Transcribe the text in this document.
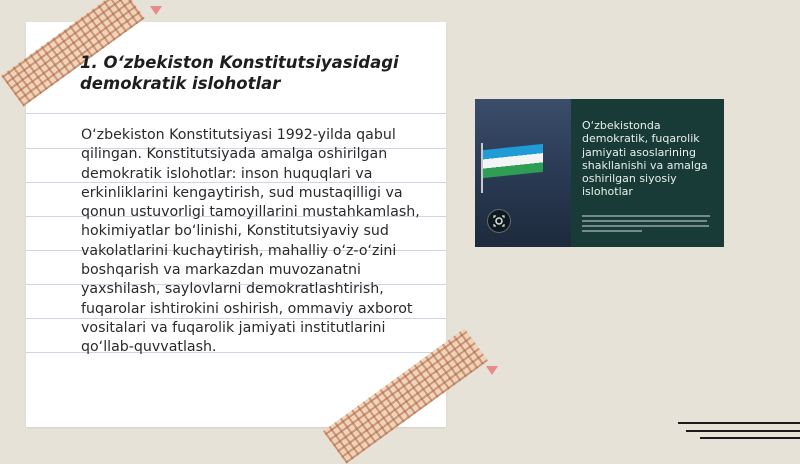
1. O‘zbekiston Konstitutsiyasidagi
demokratik islohotlar

O‘zbekiston Konstitutsiyasi 1992-yilda qabul qilingan. Konstitutsiyada amalga oshirilgan demokratik islohotlar: inson huquqlari va erkinliklarini kengaytirish, sud mustaqilligi va qonun ustuvorligi tamoyillarini mustahkamlash, hokimiyatlar bo‘linishi, Konstitutsiyaviy sud vakolatlarini kuchaytirish, mahalliy o‘z-o‘zini boshqarish va markazdan muvozanatni yaxshilash, saylovlarni demokratlashtirish, fuqarolar ishtirokini oshirish, ommaviy axborot vositalari va fuqarolik jamiyati institutlarini qo‘llab-quvvatlash.

O‘zbekistonda demokratik, fuqarolik jamiyati asoslarining shakllanishi va amalga oshirilgan siyosiy islohotlar
